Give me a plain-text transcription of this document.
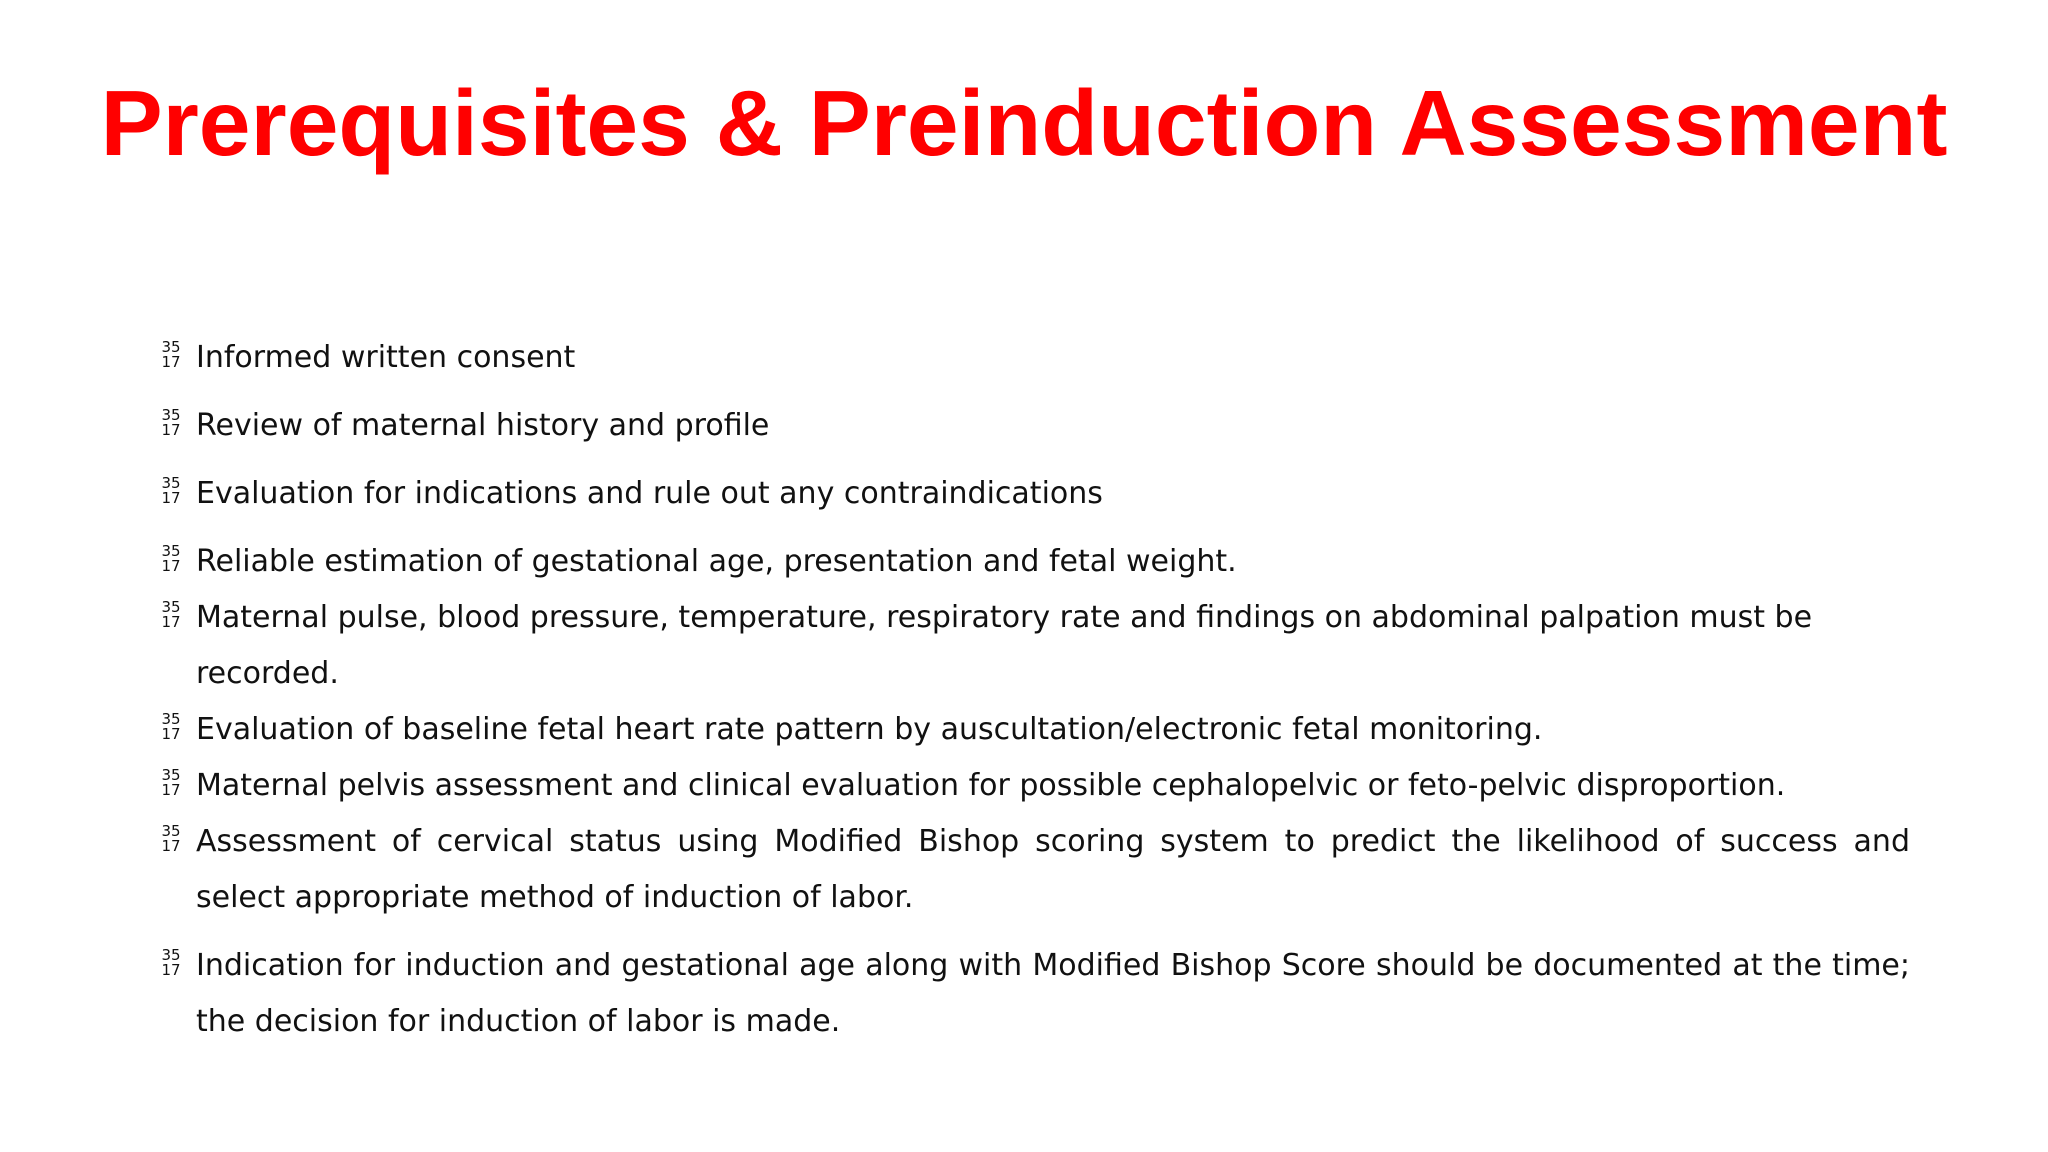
Prerequisites & Preinduction Assessment
35
17 Informed written consent
35
17 Review of maternal history and profile
35
17 Evaluation for indications and rule out any contraindications
35
17 Reliable estimation of gestational age, presentation and fetal weight.
35
17 Maternal pulse, blood pressure, temperature, respiratory rate and findings on abdominal palpation must be recorded.
35
17 Evaluation of baseline fetal heart rate pattern by auscultation/electronic fetal monitoring.
35
17 Maternal pelvis assessment and clinical evaluation for possible cephalopelvic or feto-pelvic disproportion.
35
17 Assessment of cervical status using Modified Bishop scoring system to predict the likelihood of success and select appropriate method of induction of labor.
35
17 Indication for induction and gestational age along with Modified Bishop Score should be documented at the time; the decision for induction of labor is made.
